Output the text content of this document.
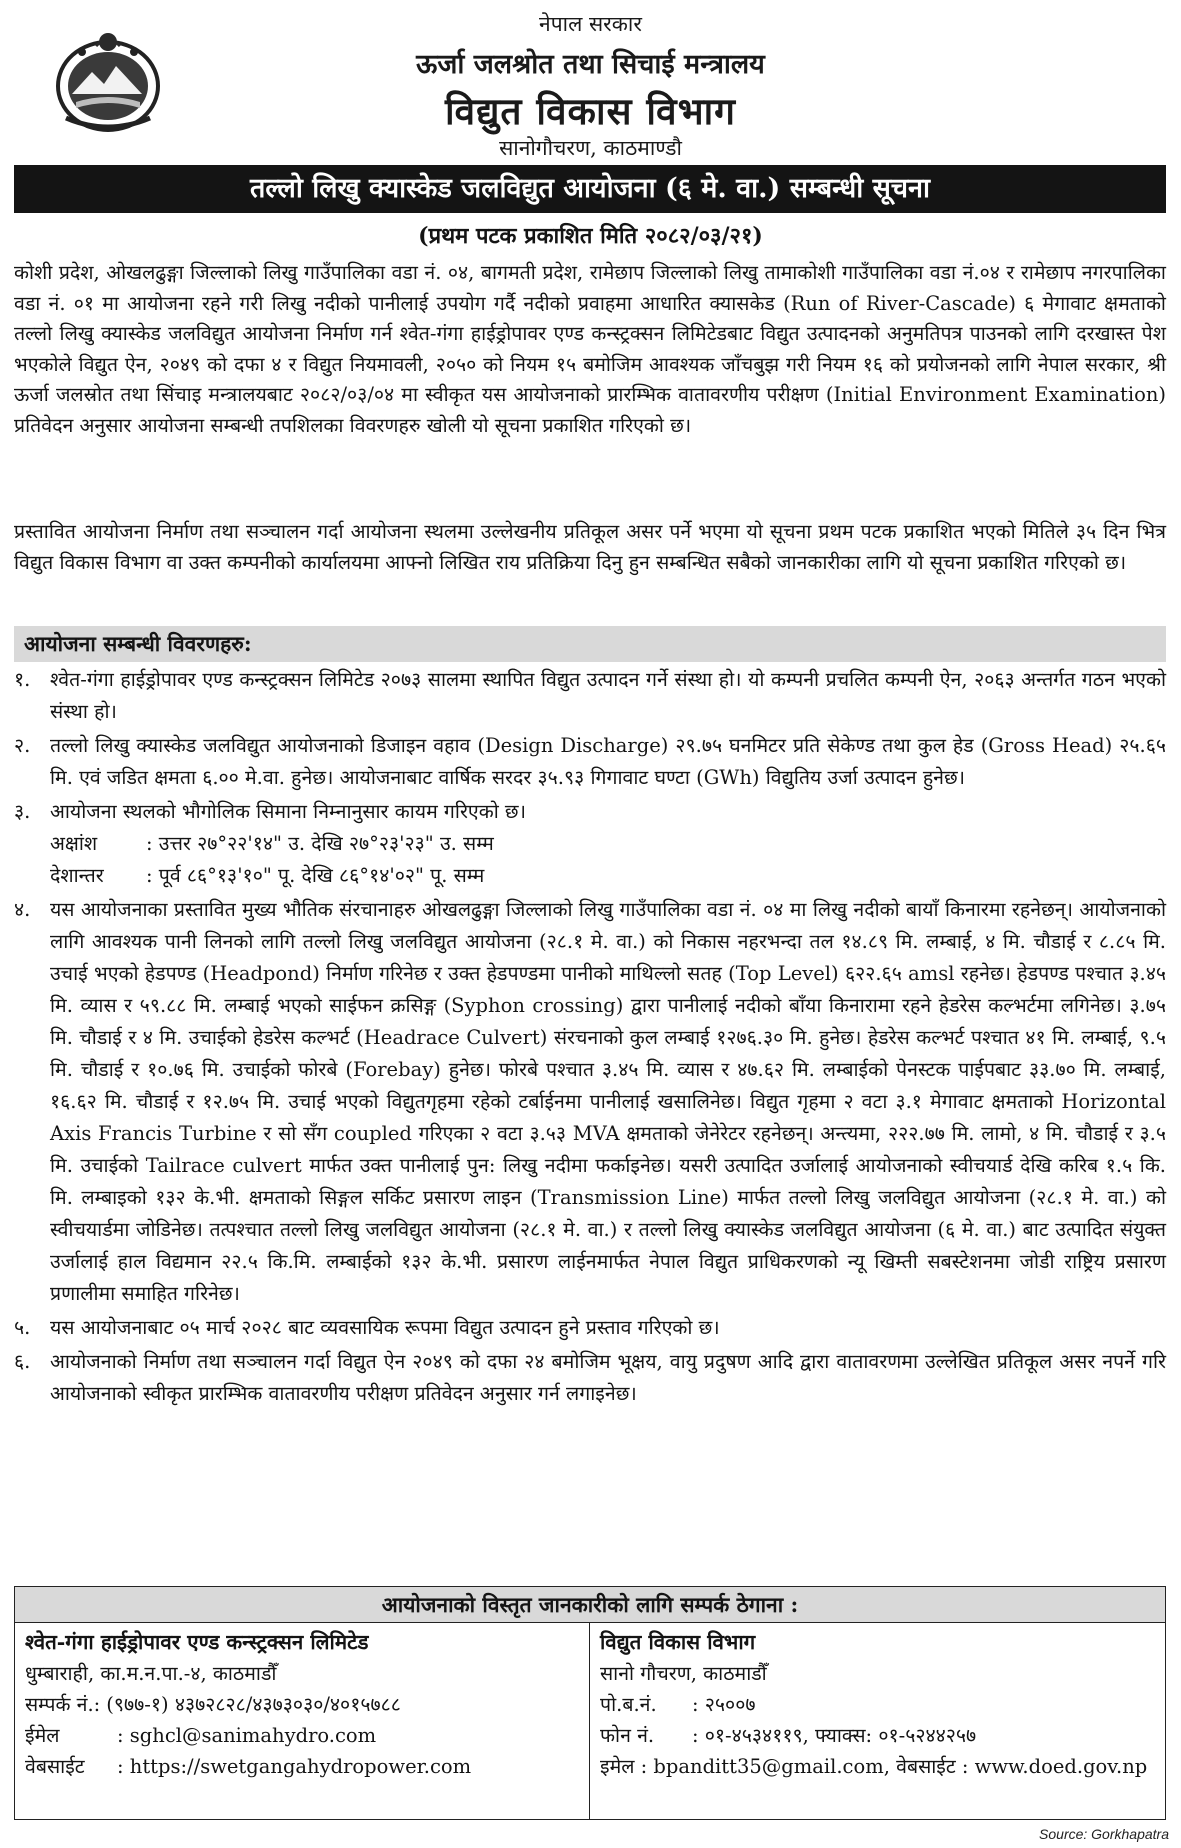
नेपाल सरकार
ऊर्जा जलश्रोत तथा सिचाई मन्त्रालय
विद्युत विकास विभाग
सानोगौचरण, काठमाण्डौ
तल्लो लिखु क्यास्केड जलविद्युत आयोजना (६ मे. वा.) सम्बन्धी सूचना
(प्रथम पटक प्रकाशित मिति २०८२/०३/२१)
कोशी प्रदेश, ओखलढुङ्गा जिल्लाको लिखु गाउँपालिका वडा नं. ०४, बागमती प्रदेश, रामेछाप जिल्लाको लिखु तामाकोशी गाउँपालिका वडा नं.०४ र रामेछाप नगरपालिका वडा नं. ०१ मा आयोजना रहने गरी लिखु नदीको पानीलाई उपयोग गर्दै नदीको प्रवाहमा आधारित क्यासकेड (Run of River-Cascade) ६ मेगावाट क्षमताको तल्लो लिखु क्यास्केड जलविद्युत आयोजना निर्माण गर्न श्वेत-गंगा हाईड्रोपावर एण्ड कन्स्ट्रक्सन लिमिटेडबाट विद्युत उत्पादनको अनुमतिपत्र पाउनको लागि दरखास्त पेश भएकोले विद्युत ऐन, २०४९ को दफा ४ र विद्युत नियमावली, २०५० को नियम १५ बमोजिम आवश्यक जाँचबुझ गरी नियम १६ को प्रयोजनको लागि नेपाल सरकार, श्री ऊर्जा जलस्रोत तथा सिंचाइ मन्त्रालयबाट २०८२/०३/०४ मा स्वीकृत यस आयोजनाको प्रारम्भिक वातावरणीय परीक्षण (Initial Environment Examination) प्रतिवेदन अनुसार आयोजना सम्बन्धी तपशिलका विवरणहरु खोली यो सूचना प्रकाशित गरिएको छ।
प्रस्तावित आयोजना निर्माण तथा सञ्चालन गर्दा आयोजना स्थलमा उल्लेखनीय प्रतिकूल असर पर्ने भएमा यो सूचना प्रथम पटक प्रकाशित भएको मितिले ३५ दिन भित्र विद्युत विकास विभाग वा उक्त कम्पनीको कार्यालयमा आफ्नो लिखित राय प्रतिक्रिया दिनु हुन सम्बन्धित सबैको जानकारीका लागि यो सूचना प्रकाशित गरिएको छ।
आयोजना सम्बन्धी विवरणहरु:
१.	श्वेत-गंगा हाईड्रोपावर एण्ड कन्स्ट्रक्सन लिमिटेड २०७३ सालमा स्थापित विद्युत उत्पादन गर्ने संस्था हो। यो कम्पनी प्रचलित कम्पनी ऐन, २०६३ अन्तर्गत गठन भएको संस्था हो।
२.	तल्लो लिखु क्यास्केड जलविद्युत आयोजनाको डिजाइन वहाव (Design Discharge) २९.७५ घनमिटर प्रति सेकेण्ड तथा कुल हेड (Gross Head) २५.६५ मि. एवं जडित क्षमता ६.०० मे.वा. हुनेछ। आयोजनाबाट वार्षिक सरदर ३५.९३ गिगावाट घण्टा (GWh) विद्युतिय उर्जा उत्पादन हुनेछ।
३.	आयोजना स्थलको भौगोलिक सिमाना निम्नानुसार कायम गरिएको छ।
अक्षांश	: उत्तर २७°२२'१४" उ. देखि २७°२३'२३" उ. सम्म
देशान्तर	: पूर्व ८६°१३'१०" पू. देखि ८६°१४'०२" पू. सम्म
४.	यस आयोजनाका प्रस्तावित मुख्य भौतिक संरचानाहरु ओखलढुङ्गा जिल्लाको लिखु गाउँपालिका वडा नं. ०४ मा लिखु नदीको बायाँ किनारमा रहनेछन्। आयोजनाको लागि आवश्यक पानी लिनको लागि तल्लो लिखु जलविद्युत आयोजना (२८.१ मे. वा.) को निकास नहरभन्दा तल १४.८९ मि. लम्बाई, ४ मि. चौडाई र ८.८५ मि. उचाई भएको हेडपण्ड (Headpond) निर्माण गरिनेछ र उक्त हेडपण्डमा पानीको माथिल्लो सतह (Top Level) ६२२.६५ amsl रहनेछ। हेडपण्ड पश्चात ३.४५ मि. व्यास र ५९.८८ मि. लम्बाई भएको साईफन क्रसिङ्ग (Syphon crossing) द्वारा पानीलाई नदीको बाँया किनारामा रहने हेडरेस कल्भर्टमा लगिनेछ। ३.७५ मि. चौडाई र ४ मि. उचाईको हेडरेस कल्भर्ट (Headrace Culvert) संरचनाको कुल लम्बाई १२७६.३० मि. हुनेछ। हेडरेस कल्भर्ट पश्चात ४१ मि. लम्बाई, ९.५ मि. चौडाई र १०.७६ मि. उचाईको फोरबे (Forebay) हुनेछ। फोरबे पश्चात ३.४५ मि. व्यास र ४७.६२ मि. लम्बाईको पेनस्टक पाईपबाट ३३.७० मि. लम्बाई, १६.६२ मि. चौडाई र १२.७५ मि. उचाई भएको विद्युतगृहमा रहेको टर्बाईनमा पानीलाई खसालिनेछ। विद्युत गृहमा २ वटा ३.१ मेगावाट क्षमताको Horizontal Axis Francis Turbine र सो सँग coupled गरिएका २ वटा ३.५३ MVA क्षमताको जेनेरेटर रहनेछन्। अन्त्यमा, २२२.७७ मि. लामो, ४ मि. चौडाई र ३.५ मि. उचाईको Tailrace culvert मार्फत उक्त पानीलाई पुन: लिखु नदीमा फर्काइनेछ। यसरी उत्पादित उर्जालाई आयोजनाको स्वीचयार्ड देखि करिब १.५ कि. मि. लम्बाइको १३२ के.भी. क्षमताको सिङ्गल सर्किट प्रसारण लाइन (Transmission Line) मार्फत तल्लो लिखु जलविद्युत आयोजना (२८.१ मे. वा.) को स्वीचयार्डमा जोडिनेछ। तत्पश्चात तल्लो लिखु जलविद्युत आयोजना (२८.१ मे. वा.) र तल्लो लिखु क्यास्केड जलविद्युत आयोजना (६ मे. वा.) बाट उत्पादित संयुक्त उर्जालाई हाल विद्यमान २२.५ कि.मि. लम्बाईको १३२ के.भी. प्रसारण लाईनमार्फत नेपाल विद्युत प्राधिकरणको न्यू खिम्ती सबस्टेशनमा जोडी राष्ट्रिय प्रसारण प्रणालीमा समाहित गरिनेछ।
५.	यस आयोजनाबाट ०५ मार्च २०२८ बाट व्यवसायिक रूपमा विद्युत उत्पादन हुने प्रस्ताव गरिएको छ।
६.	आयोजनाको निर्माण तथा सञ्चालन गर्दा विद्युत ऐन २०४९ को दफा २४ बमोजिम भूक्षय, वायु प्रदुषण आदि द्वारा वातावरणमा उल्लेखित प्रतिकूल असर नपर्ने गरि आयोजनाको स्वीकृत प्रारम्भिक वातावरणीय परीक्षण प्रतिवेदन अनुसार गर्न लगाइनेछ।
आयोजनाको विस्तृत जानकारीको लागि सम्पर्क ठेगाना :
श्वेत-गंगा हाईड्रोपावर एण्ड कन्स्ट्रक्सन लिमिटेड
धुम्बाराही, का.म.न.पा.-४, काठमाडौँ
सम्पर्क नं.: (९७७-१) ४३७२८२८/४३७३०३०/४०१५७८८
ईमेल	: sghcl@sanimahydro.com
वेबसाईट	: https://swetgangahydropower.com
विद्युत विकास विभाग
सानो गौचरण, काठमाडौँ
पो.ब.नं.	: २५००७
फोन नं.	: ०१-४५३४११९, फ्याक्स: ०१-५२४४२५७
इमेल : bpanditt35@gmail.com, वेबसाईट : www.doed.gov.np
Source: Gorkhapatra
